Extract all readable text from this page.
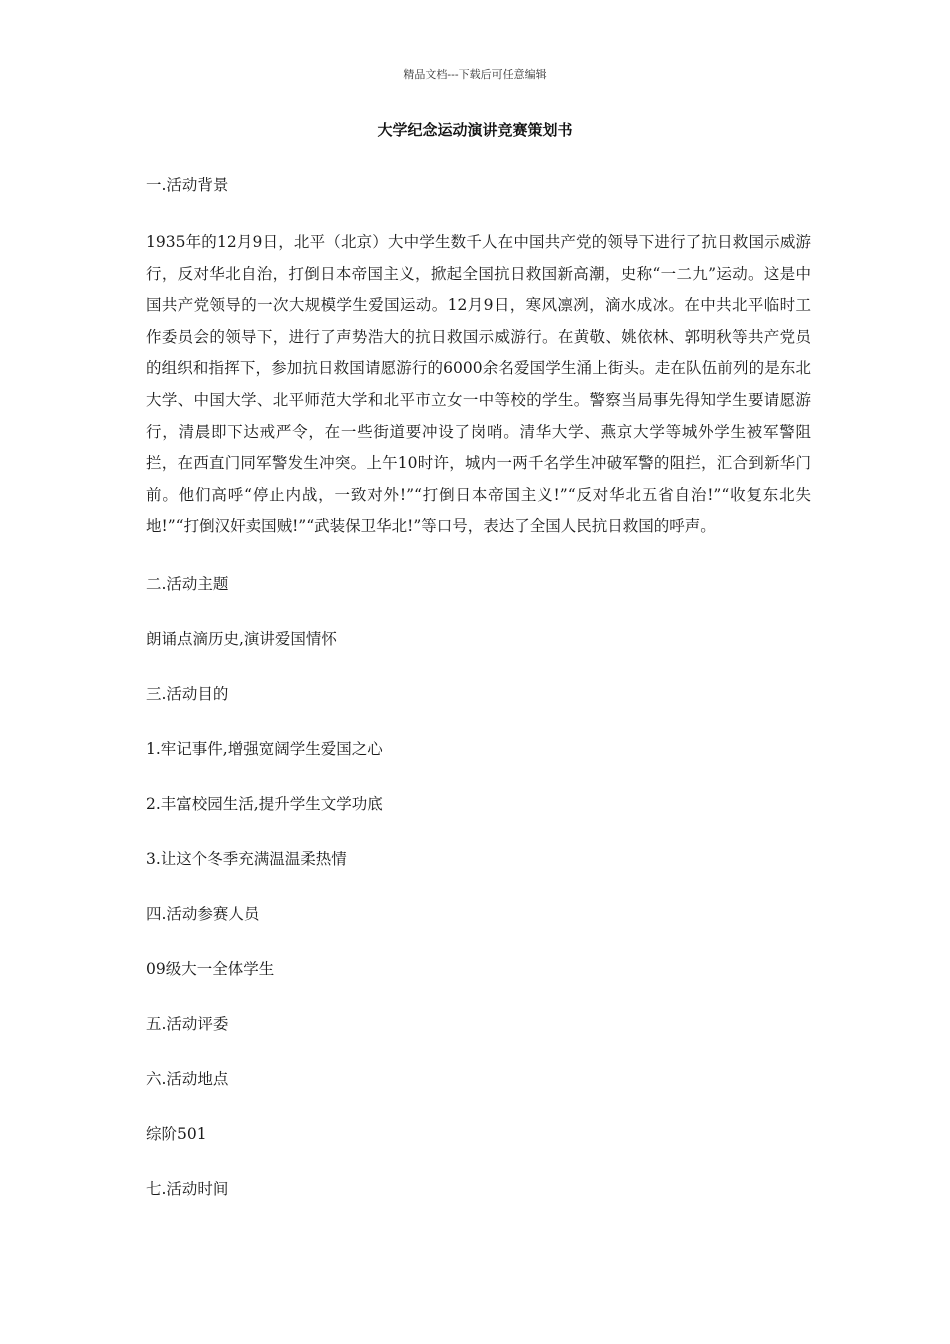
精品文档---下载后可任意编辑
大学纪念运动演讲竞赛策划书
一.活动背景
1935年的12月9日，北平（北京）大中学生数千人在中国共产党的领导下进行了抗日救国示威游行，反对华北自治，打倒日本帝国主义，掀起全国抗日救国新高潮，史称“一二九”运动。这是中国共产党领导的一次大规模学生爱国运动。12月9日，寒风凛冽，滴水成冰。在中共北平临时工作委员会的领导下，进行了声势浩大的抗日救国示威游行。在黄敬、姚依林、郭明秋等共产党员的组织和指挥下，参加抗日救国请愿游行的6000余名爱国学生涌上街头。走在队伍前列的是东北大学、中国大学、北平师范大学和北平市立女一中等校的学生。警察当局事先得知学生要请愿游行，清晨即下达戒严令，在一些街道要冲设了岗哨。清华大学、燕京大学等城外学生被军警阻拦，在西直门同军警发生冲突。上午10时许，城内一两千名学生冲破军警的阻拦，汇合到新华门前。他们高呼“停止内战，一致对外!”“打倒日本帝国主义!”“反对华北五省自治!”“收复东北失地!”“打倒汉奸卖国贼!”“武装保卫华北!”等口号，表达了全国人民抗日救国的呼声。
二.活动主题
朗诵点滴历史,演讲爱国情怀
三.活动目的
1.牢记事件,增强宽阔学生爱国之心
2.丰富校园生活,提升学生文学功底
3.让这个冬季充满温温柔热情
四.活动参赛人员
09级大一全体学生
五.活动评委
六.活动地点
综阶501
七.活动时间
